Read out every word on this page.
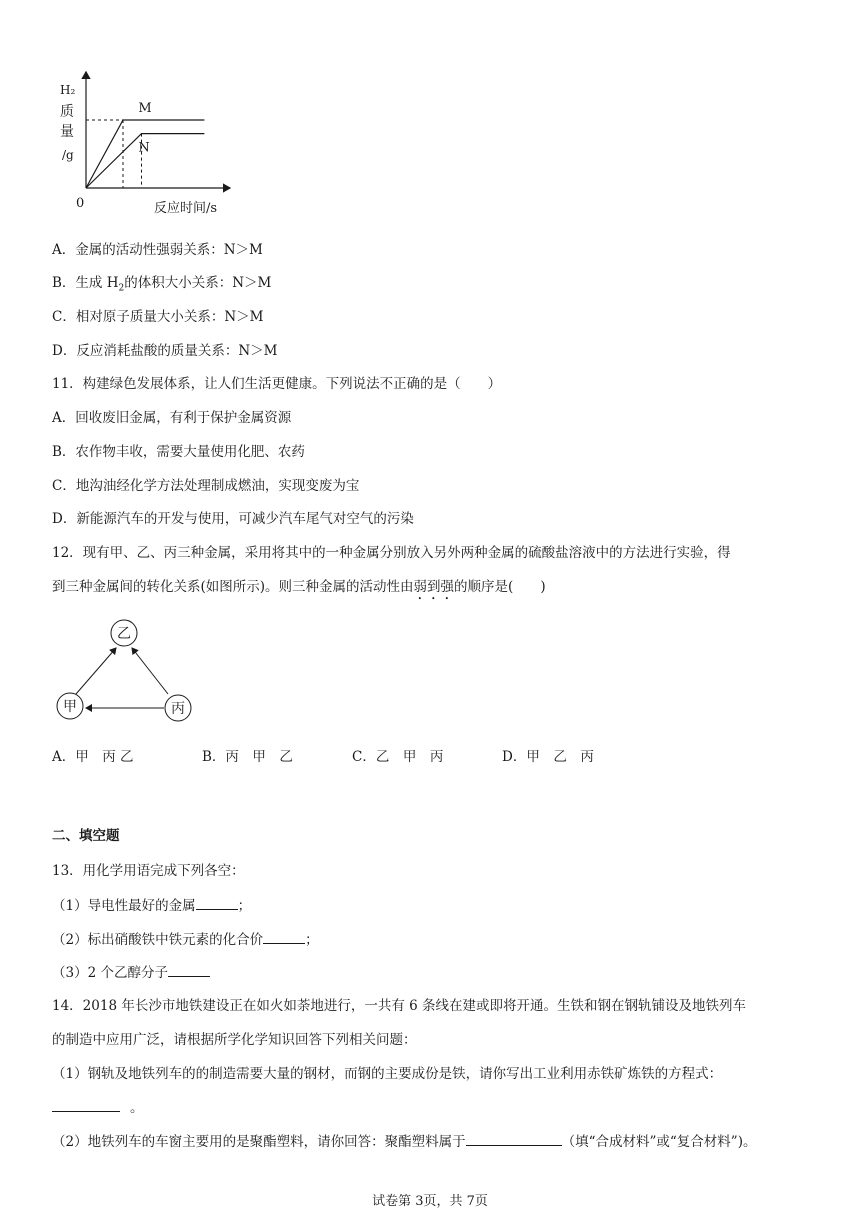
M
N
H₂
质
量
/g
0	反应时间/s
A．金属的活动性强弱关系：N＞M
B．生成 $H_2$的体积大小关系：N＞M
C．相对原子质量大小关系：N＞M
D．反应消耗盐酸的质量关系：N＞M
11．构建绿色发展体系，让人们生活更健康。下列说法不正确的是（　　）
A．回收废旧金属，有利于保护金属资源
B．农作物丰收，需要大量使用化肥、农药
C．地沟油经化学方法处理制成燃油，实现变废为宝
D．新能源汽车的开发与使用，可减少汽车尾气对空气的污染
12．现有甲、乙、丙三种金属，采用将其中的一种金属分别放入另外两种金属的硫酸盐溶液中的方法进行实验，得
到三种金属间的转化关系(如图所示)。则三种金属的活动性由弱到强的顺序是(　　)
乙
甲	丙
A．甲　丙 乙	B．丙　甲　乙	C．乙　甲　丙	D．甲　乙　丙
二、填空题
13．用化学用语完成下列各空：
（1）导电性最好的金属	；
（2）标出硝酸铁中铁元素的化合价	；
（3）2 个乙醇分子
14．2018 年长沙市地铁建设正在如火如荼地进行，一共有 6 条线在建或即将开通。生铁和钢在钢轨铺设及地铁列车
的制造中应用广泛，请根据所学化学知识回答下列相关问题：
（1）钢轨及地铁列车的的制造需要大量的钢材，而钢的主要成份是铁，请你写出工业利用赤铁矿炼铁的方程式：
。
（2）地铁列车的车窗主要用的是聚酯塑料，请你回答：聚酯塑料属于	（填“合成材料”或“复合材料”)。
试卷第 3页，共 7页
